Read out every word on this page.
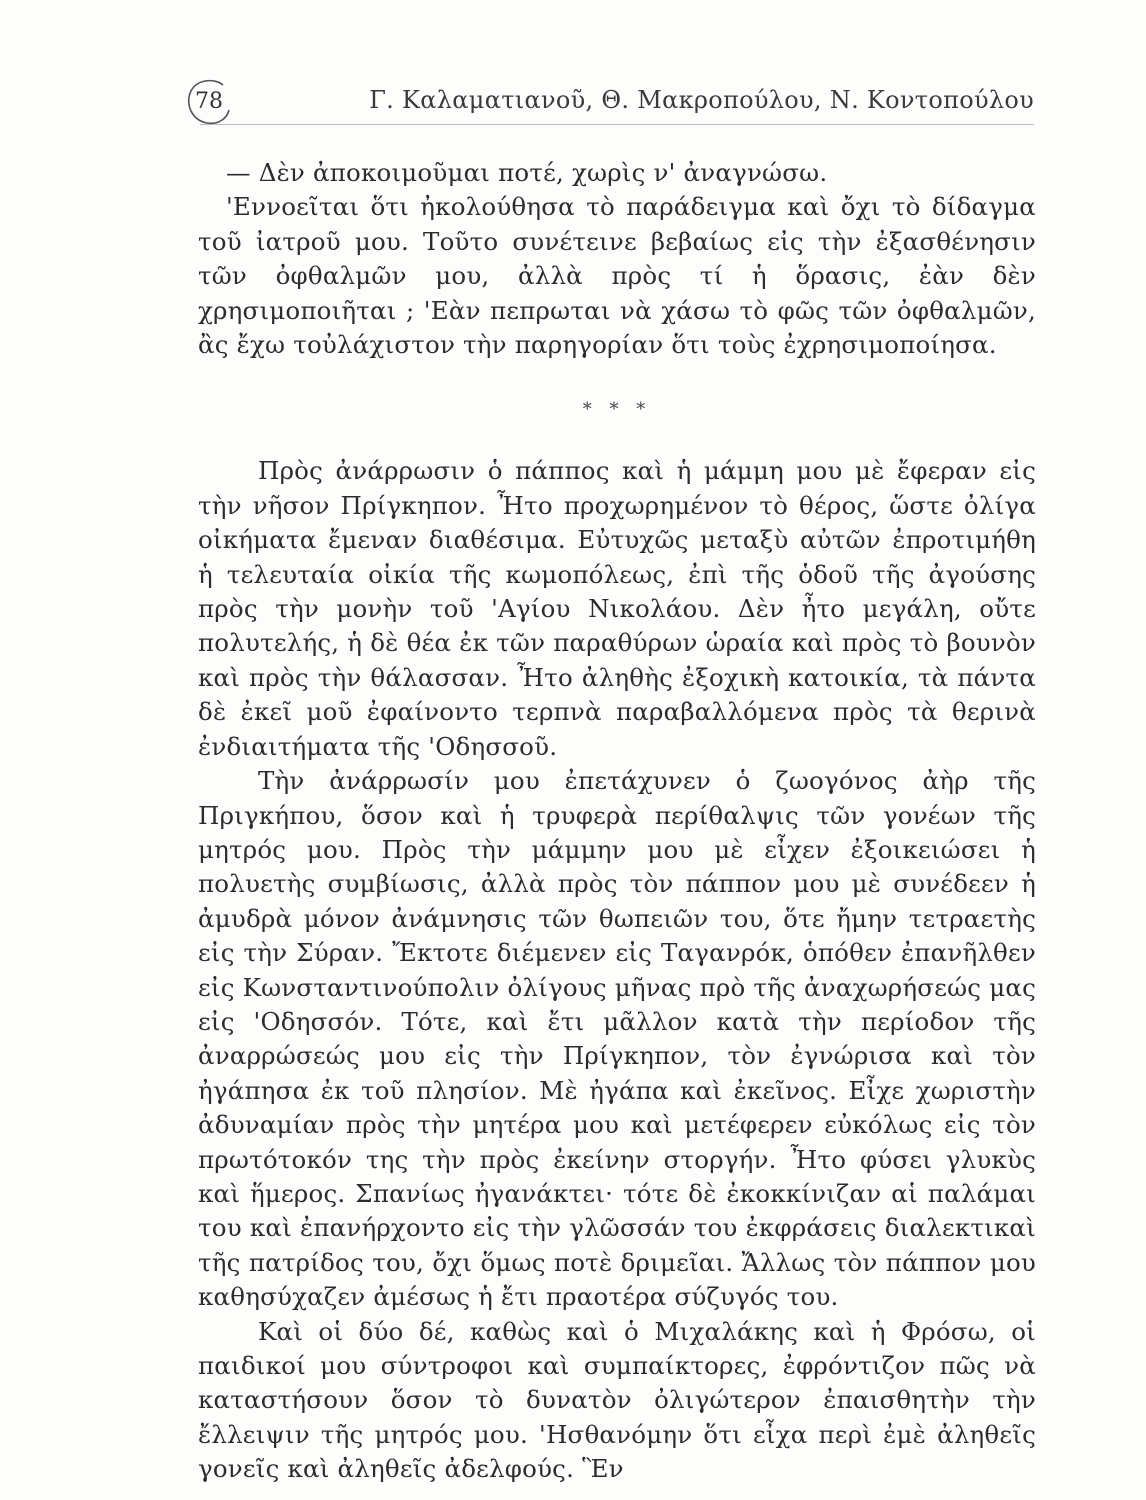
78	Γ. Καλαματιανοῦ, Θ. Μακροπούλου, Ν. Κοντοπούλου

— Δὲν ἀποκοιμοῦμαι ποτέ, χωρὶς ν' ἀναγνώσω.

'Εννοεῖται ὅτι ἠκολούθησα τὸ παράδειγμα καὶ ὄχι τὸ δίδαγμα τοῦ ἰατροῦ μου. Τοῦτο συνέτεινε βεβαίως εἰς τὴν ἐξασθένησιν τῶν ὀφθαλμῶν μου, ἀλλὰ πρὸς τί ἡ ὅρασις, ἐὰν δὲν χρησιμοποιῆται ; 'Εὰν πεπρωται νὰ χάσω τὸ φῶς τῶν ὀφθαλμῶν, ἂς ἔχω τοὐλάχιστον τὴν παρηγορίαν ὅτι τοὺς ἐχρησιμοποίησα.

* * *

Πρὸς ἀνάρρωσιν ὁ πάππος καὶ ἡ μάμμη μου μὲ ἔφεραν εἰς τὴν νῆσον Πρίγκηπον. Ἦτο προχωρημένον τὸ θέρος, ὥστε ὀλίγα οἰκήματα ἔμεναν διαθέσιμα. Εὐτυχῶς μεταξὺ αὐτῶν ἐπροτιμήθη ἡ τελευταία οἰκία τῆς κωμοπόλεως, ἐπὶ τῆς ὁδοῦ τῆς ἀγούσης πρὸς τὴν μονὴν τοῦ 'Αγίου Νικολάου. Δὲν ἦτο μεγάλη, οὔτε πολυτελής, ἡ δὲ θέα ἐκ τῶν παραθύρων ὡραία καὶ πρὸς τὸ βουνὸν καὶ πρὸς τὴν θάλασσαν. Ἦτο ἀληθὴς ἐξοχικὴ κατοικία, τὰ πάντα δὲ ἐκεῖ μοῦ ἐφαίνοντο τερπνὰ παραβαλλόμενα πρὸς τὰ θερινὰ ἐνδιαιτήματα τῆς 'Οδησσοῦ.

Τὴν ἀνάρρωσίν μου ἐπετάχυνεν ὁ ζωογόνος ἀὴρ τῆς Πριγκήπου, ὅσον καὶ ἡ τρυφερὰ περίθαλψις τῶν γονέων τῆς μητρός μου. Πρὸς τὴν μάμμην μου μὲ εἶχεν ἐξοικειώσει ἡ πολυετὴς συμβίωσις, ἀλλὰ πρὸς τὸν πάππον μου μὲ συνέδεεν ἡ ἀμυδρὰ μόνον ἀνάμνησις τῶν θωπειῶν του, ὅτε ἤμην τετραετὴς εἰς τὴν Σύραν. Ἔκτοτε διέμενεν εἰς Ταγανρόκ, ὁπόθεν ἐπανῆλθεν εἰς Κωνσταντινούπολιν ὀλίγους μῆνας πρὸ τῆς ἀναχωρήσεώς μας εἰς 'Οδησσόν. Τότε, καὶ ἔτι μᾶλλον κατὰ τὴν περίοδον τῆς ἀναρρώσεώς μου εἰς τὴν Πρίγκηπον, τὸν ἐγνώρισα καὶ τὸν ἠγάπησα ἐκ τοῦ πλησίον. Μὲ ἠγάπα καὶ ἐκεῖνος. Εἶχε χωριστὴν ἀδυναμίαν πρὸς τὴν μητέρα μου καὶ μετέφερεν εὐκόλως εἰς τὸν πρωτότοκόν της τὴν πρὸς ἐκείνην στοργήν. Ἦτο φύσει γλυκὺς καὶ ἥμερος. Σπανίως ἠγανάκτει· τότε δὲ ἐκοκκίνιζαν αἱ παλάμαι του καὶ ἐπανήρχοντο εἰς τὴν γλῶσσάν του ἐκφράσεις διαλεκτικαὶ τῆς πατρίδος του, ὄχι ὅμως ποτὲ δριμεῖαι. Ἄλλως τὸν πάππον μου καθησύχαζεν ἀμέσως ἡ ἔτι πραοτέρα σύζυγός του.

Καὶ οἱ δύο δέ, καθὼς καὶ ὁ Μιχαλάκης καὶ ἡ Φρόσω, οἱ παιδικοί μου σύντροφοι καὶ συμπαίκτορες, ἐφρόντιζον πῶς νὰ καταστήσουν ὅσον τὸ δυνατὸν ὀλιγώτερον ἐπαισθητὴν τὴν ἔλλειψιν τῆς μητρός μου. 'Ησθανόμην ὅτι εἶχα περὶ ἐμὲ ἀληθεῖς γονεῖς καὶ ἀληθεῖς ἀδελφούς. Ἓν
